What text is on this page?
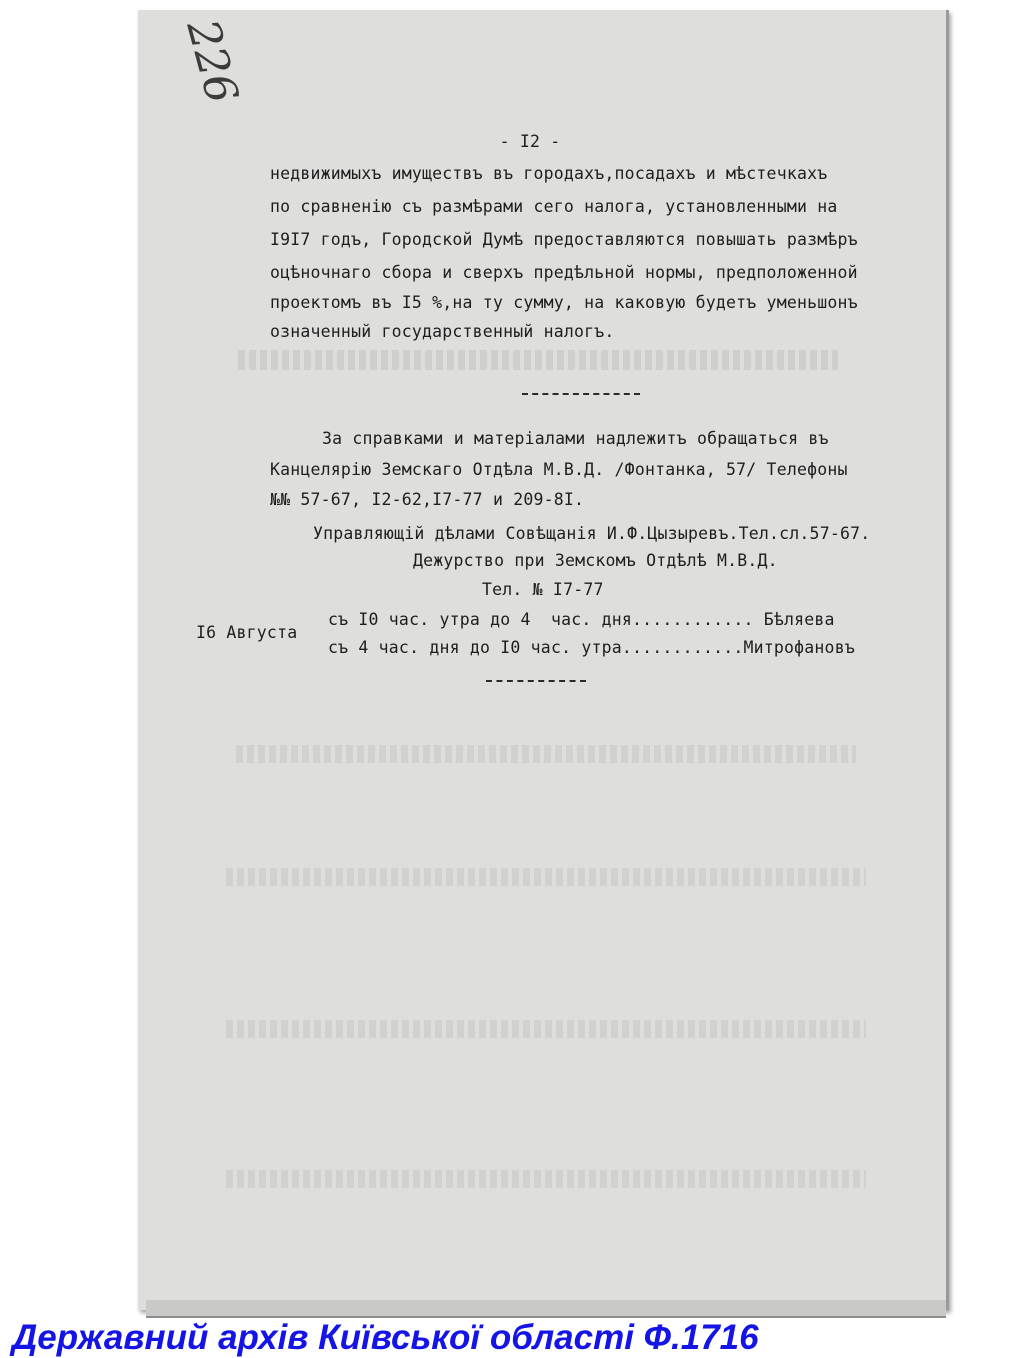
226
- I2 -
недвижимыхъ имуществъ въ городахъ,посадахъ и мѣстечкахъ
по сравненію съ размѣрами сего налога, установленными на
I9I7 годъ, Городской Думѣ предоставляются повышать размѣръ
оцѣночнаго сбора и сверхъ предѣльной нормы, предположенной
проектомъ въ I5 %,на ту сумму, на каковую будетъ уменьшонъ
означенный государственный налогъ.
За справками и матеріалами надлежитъ обращаться въ
Канцелярію Земскаго Отдѣла М.В.Д. /Фонтанка, 57/ Телефоны
№№ 57-67, I2-62,I7-77 и 209-8I.
Управляющій дѣлами Совѣщанія И.Ф.Цызыревъ.Тел.сл.57-67.
Дежурство при Земскомъ Отдѣлѣ М.В.Д.
Тел. № I7-77
I6 Августа
съ I0 час. утра до 4  час. дня............ Бѣляева
съ 4 час. дня до I0 час. утра............Митрофановъ
Державний архів Київської області Ф.1716
